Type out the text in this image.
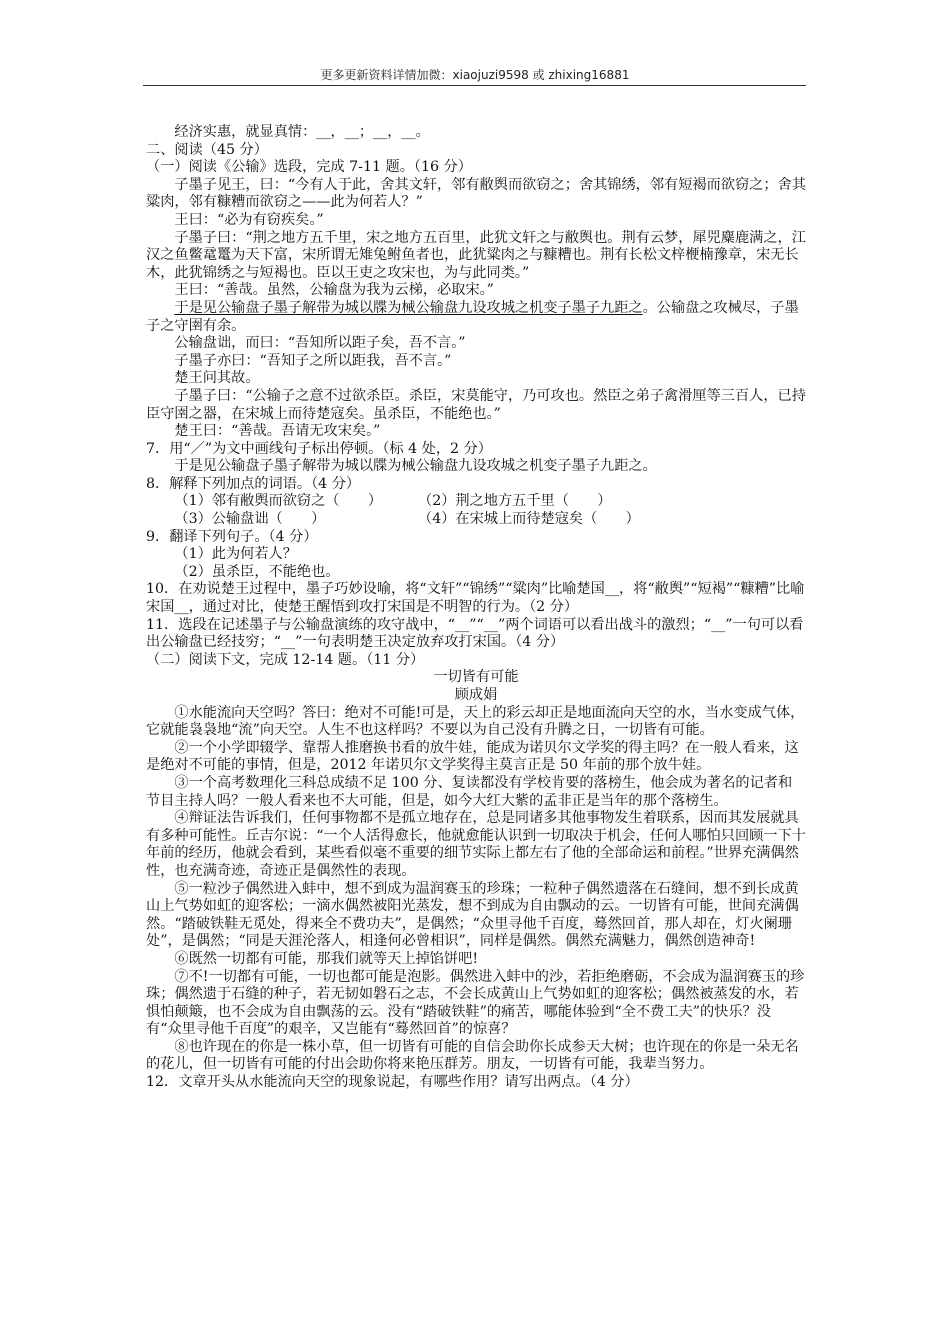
更多更新资料详情加微：xiaojuzi9598 或 zhixing16881

经济实惠，就显真情：__，__；__，__。

二、阅读（45 分）

（一）阅读《公输》选段，完成 7-11 题。（16 分）

子墨子见王，曰：“今有人于此，舍其文轩，邻有敝舆而欲窃之；舍其锦绣，邻有短褐而欲窃之；舍其粱肉，邻有糠糟而欲窃之——此为何若人？”

王曰：“必为有窃疾矣。”

子墨子曰：“荆之地方五千里，宋之地方五百里，此犹文轩之与敝舆也。荆有云梦，犀兕麋鹿满之，江汉之鱼鳖鼋鼍为天下富，宋所谓无雉兔鲋鱼者也，此犹粱肉之与糠糟也。荆有长松文梓楩楠豫章，宋无长木，此犹锦绣之与短褐也。臣以王吏之攻宋也，为与此同类。”

王曰：“善哉。虽然，公输盘为我为云梯，必取宋。”

于是见公输盘子墨子解带为城以牒为械公输盘九设攻城之机变子墨子九距之。公输盘之攻械尽，子墨子之守圉有余。

公输盘诎，而曰：“吾知所以距子矣，吾不言。”

子墨子亦曰：“吾知子之所以距我，吾不言。”

楚王问其故。

子墨子曰：“公输子之意不过欲杀臣。杀臣，宋莫能守，乃可攻也。然臣之弟子禽滑厘等三百人，已持臣守圉之器，在宋城上而待楚寇矣。虽杀臣，不能绝也。”

楚王曰：“善哉。吾请无攻宋矣。”

7．用“／”为文中画线句子标出停顿。（标 4 处，2 分）

于是见公输盘子墨子解带为城以牒为械公输盘九设攻城之机变子墨子九距之。

8．解释下列加点的词语。（4 分）

（1）邻有敝舆而欲窃之（　　）	（2）荆之地方五千里（　　）
（3）公输盘诎（　　）	（4）在宋城上而待楚寇矣（　　）

9．翻译下列句子。（4 分）

（1）此为何若人？

（2）虽杀臣，不能绝也。

10．在劝说楚王过程中，墨子巧妙设喻，将“文轩”“锦绣”“粱肉”比喻楚国__，将“敝舆”“短褐”“糠糟”比喻宋国__，通过对比，使楚王醒悟到攻打宋国是不明智的行为。（2 分）

11．选段在记述墨子与公输盘演练的攻守战中，“__”“__”两个词语可以看出战斗的激烈；“__”一句可以看出公输盘已经技穷；“__”一句表明楚王决定放弃攻打宋国。（4 分）

（二）阅读下文，完成 12-14 题。（11 分）

一切皆有可能

顾成娟

①水能流向天空吗？答曰：绝对不可能!可是，天上的彩云却正是地面流向天空的水，当水变成气体，它就能袅袅地“流”向天空。人生不也这样吗？不要以为自己没有升腾之日，一切皆有可能。

②一个小学即辍学、靠帮人推磨换书看的放牛娃，能成为诺贝尔文学奖的得主吗？在一般人看来，这是绝对不可能的事情，但是，2012 年诺贝尔文学奖得主莫言正是 50 年前的那个放牛娃。

③一个高考数理化三科总成绩不足 100 分、复读都没有学校肯要的落榜生，他会成为著名的记者和节目主持人吗？一般人看来也不大可能，但是，如今大红大紫的孟非正是当年的那个落榜生。

④辩证法告诉我们，任何事物都不是孤立地存在，总是同诸多其他事物发生着联系，因而其发展就具有多种可能性。丘吉尔说：“一个人活得愈长，他就愈能认识到一切取决于机会，任何人哪怕只回顾一下十年前的经历，他就会看到，某些看似毫不重要的细节实际上都左右了他的全部命运和前程。”世界充满偶然性，也充满奇迹，奇迹正是偶然性的表现。

⑤一粒沙子偶然进入蚌中，想不到成为温润赛玉的珍珠；一粒种子偶然遗落在石缝间，想不到长成黄山上气势如虹的迎客松；一滴水偶然被阳光蒸发，想不到成为自由飘动的云。一切皆有可能，世间充满偶然。“踏破铁鞋无觅处，得来全不费功夫”，是偶然；“众里寻他千百度，蓦然回首，那人却在，灯火阑珊处”，是偶然；“同是天涯沦落人，相逢何必曾相识”，同样是偶然。偶然充满魅力，偶然创造神奇!

⑥既然一切都有可能，那我们就等天上掉馅饼吧!

⑦不!一切都有可能，一切也都可能是泡影。偶然进入蚌中的沙，若拒绝磨砺，不会成为温润赛玉的珍珠；偶然遗于石缝的种子，若无韧如磐石之志，不会长成黄山上气势如虹的迎客松；偶然被蒸发的水，若惧怕颠簸，也不会成为自由飘荡的云。没有“踏破铁鞋”的痛苦，哪能体验到“全不费工夫”的快乐？没有“众里寻他千百度”的艰辛，又岂能有“蓦然回首”的惊喜？

⑧也许现在的你是一株小草，但一切皆有可能的自信会助你长成参天大树；也许现在的你是一朵无名的花儿，但一切皆有可能的付出会助你将来艳压群芳。朋友，一切皆有可能，我辈当努力。

12．文章开头从水能流向天空的现象说起，有哪些作用？请写出两点。（4 分）
